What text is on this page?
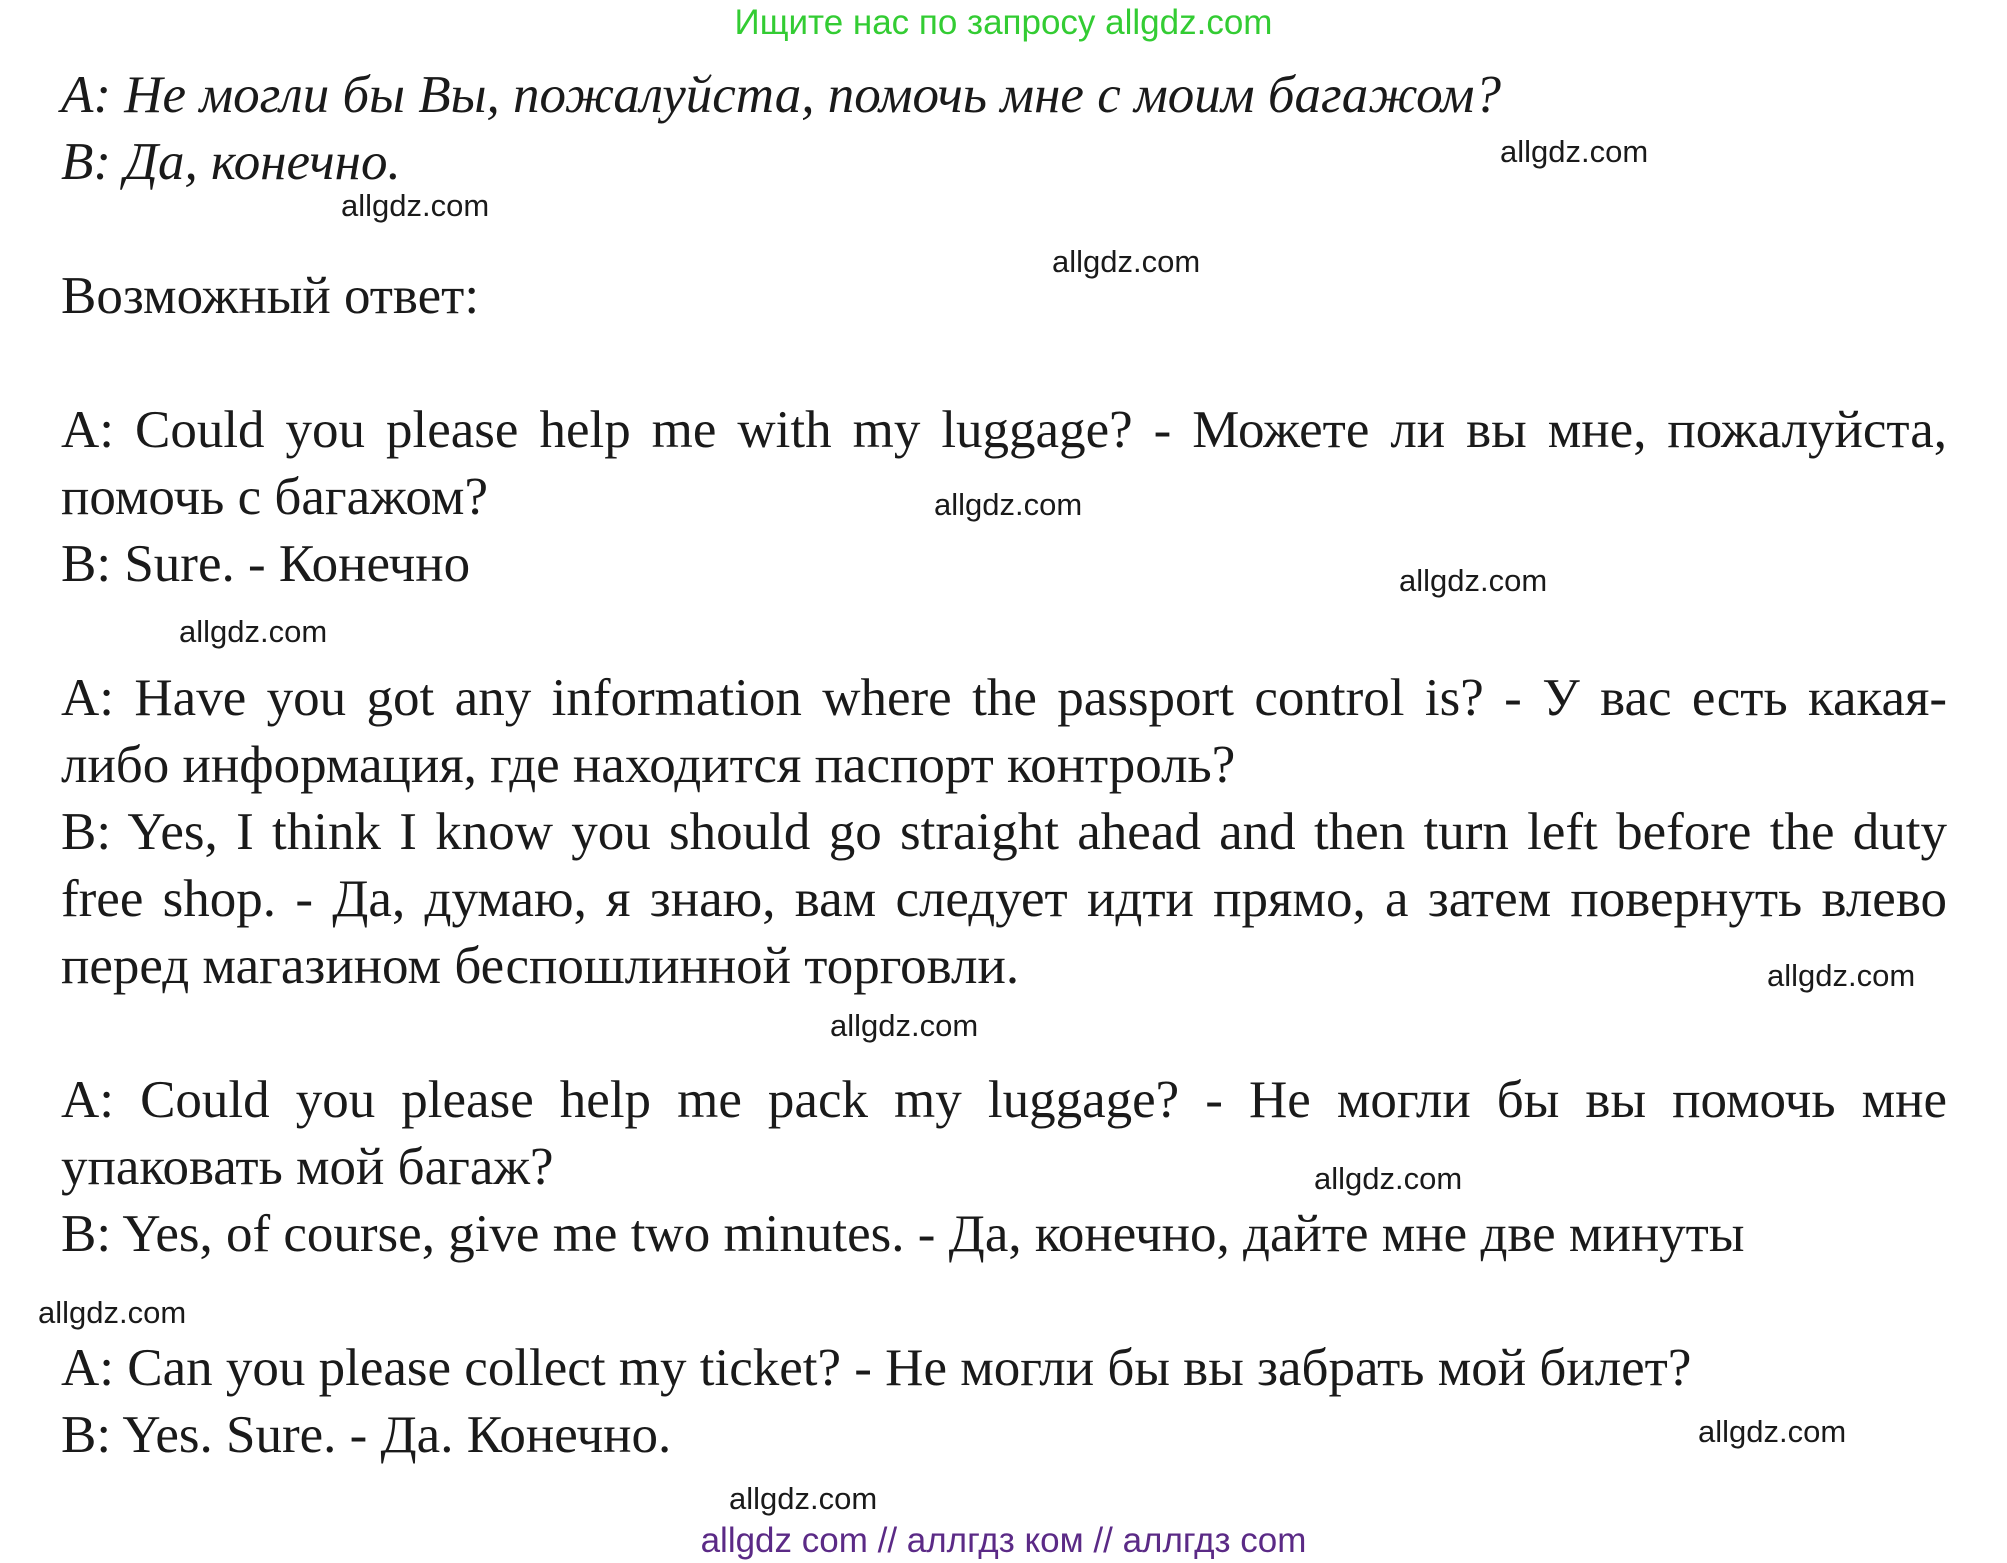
Ищите нас по запросу allgdz.com

A: Не могли бы Вы, пожалуйста, помочь мне с моим багажом?

B: Да, конечно.

Возможный ответ:

A: Could you please help me with my luggage? - Можете ли вы мне, пожалуйста, помочь с багажом?

B: Sure. - Конечно

A: Have you got any information where the passport control is? - У вас есть какая-либо информация, где находится паспорт контроль?

B: Yes, I think I know you should go straight ahead and then turn left before the duty free shop. - Да, думаю, я знаю, вам следует идти прямо, а затем повернуть влево перед магазином беспошлинной торговли.

A: Could you please help me pack my luggage? - Не могли бы вы помочь мне упаковать мой багаж?

B: Yes, of course, give me two minutes. - Да, конечно, дайте мне две минуты

A: Can you please collect my ticket? - Не могли бы вы забрать мой билет?

B: Yes. Sure. - Да. Конечно.

allgdz.com
allgdz.com
allgdz.com
allgdz.com
allgdz.com
allgdz.com
allgdz.com
allgdz.com
allgdz.com
allgdz.com
allgdz.com
allgdz.com
allgdz com // аллгдз ком // аллгдз com
